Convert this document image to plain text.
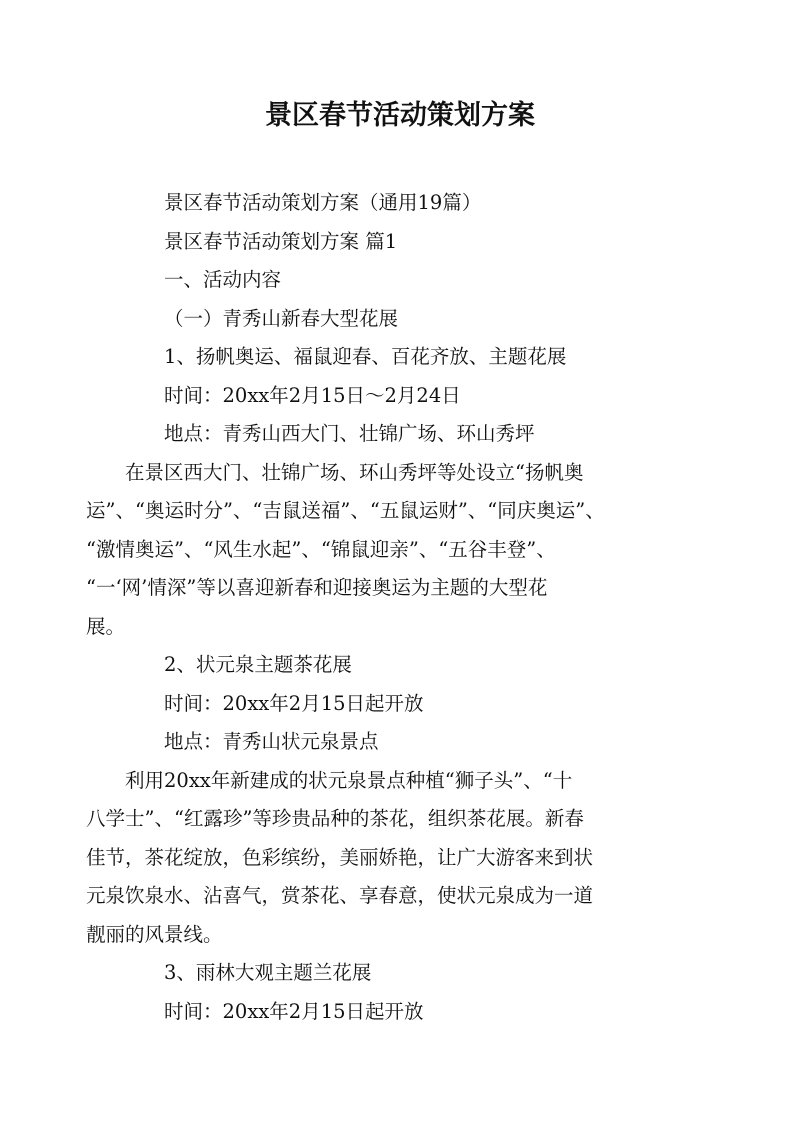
景区春节活动策划方案

景区春节活动策划方案（通用19篇）

景区春节活动策划方案 篇1

一、活动内容

（一）青秀山新春大型花展

1、扬帆奥运、福鼠迎春、百花齐放、主题花展

时间：20xx年2月15日～2月24日

地点：青秀山西大门、壮锦广场、环山秀坪

在景区西大门、壮锦广场、环山秀坪等处设立“扬帆奥
运”、“奥运时分”、“吉鼠送福”、“五鼠运财”、“同庆奥运”、
“激情奥运”、“风生水起”、“锦鼠迎亲”、“五谷丰登”、
“一‘网’情深”等以喜迎新春和迎接奥运为主题的大型花
展。

2、状元泉主题茶花展

时间：20xx年2月15日起开放

地点：青秀山状元泉景点

利用20xx年新建成的状元泉景点种植“狮子头”、“十
八学士”、“红露珍”等珍贵品种的茶花，组织茶花展。新春
佳节，茶花绽放，色彩缤纷，美丽娇艳，让广大游客来到状
元泉饮泉水、沾喜气，赏茶花、享春意，使状元泉成为一道
靓丽的风景线。

3、雨林大观主题兰花展

时间：20xx年2月15日起开放
